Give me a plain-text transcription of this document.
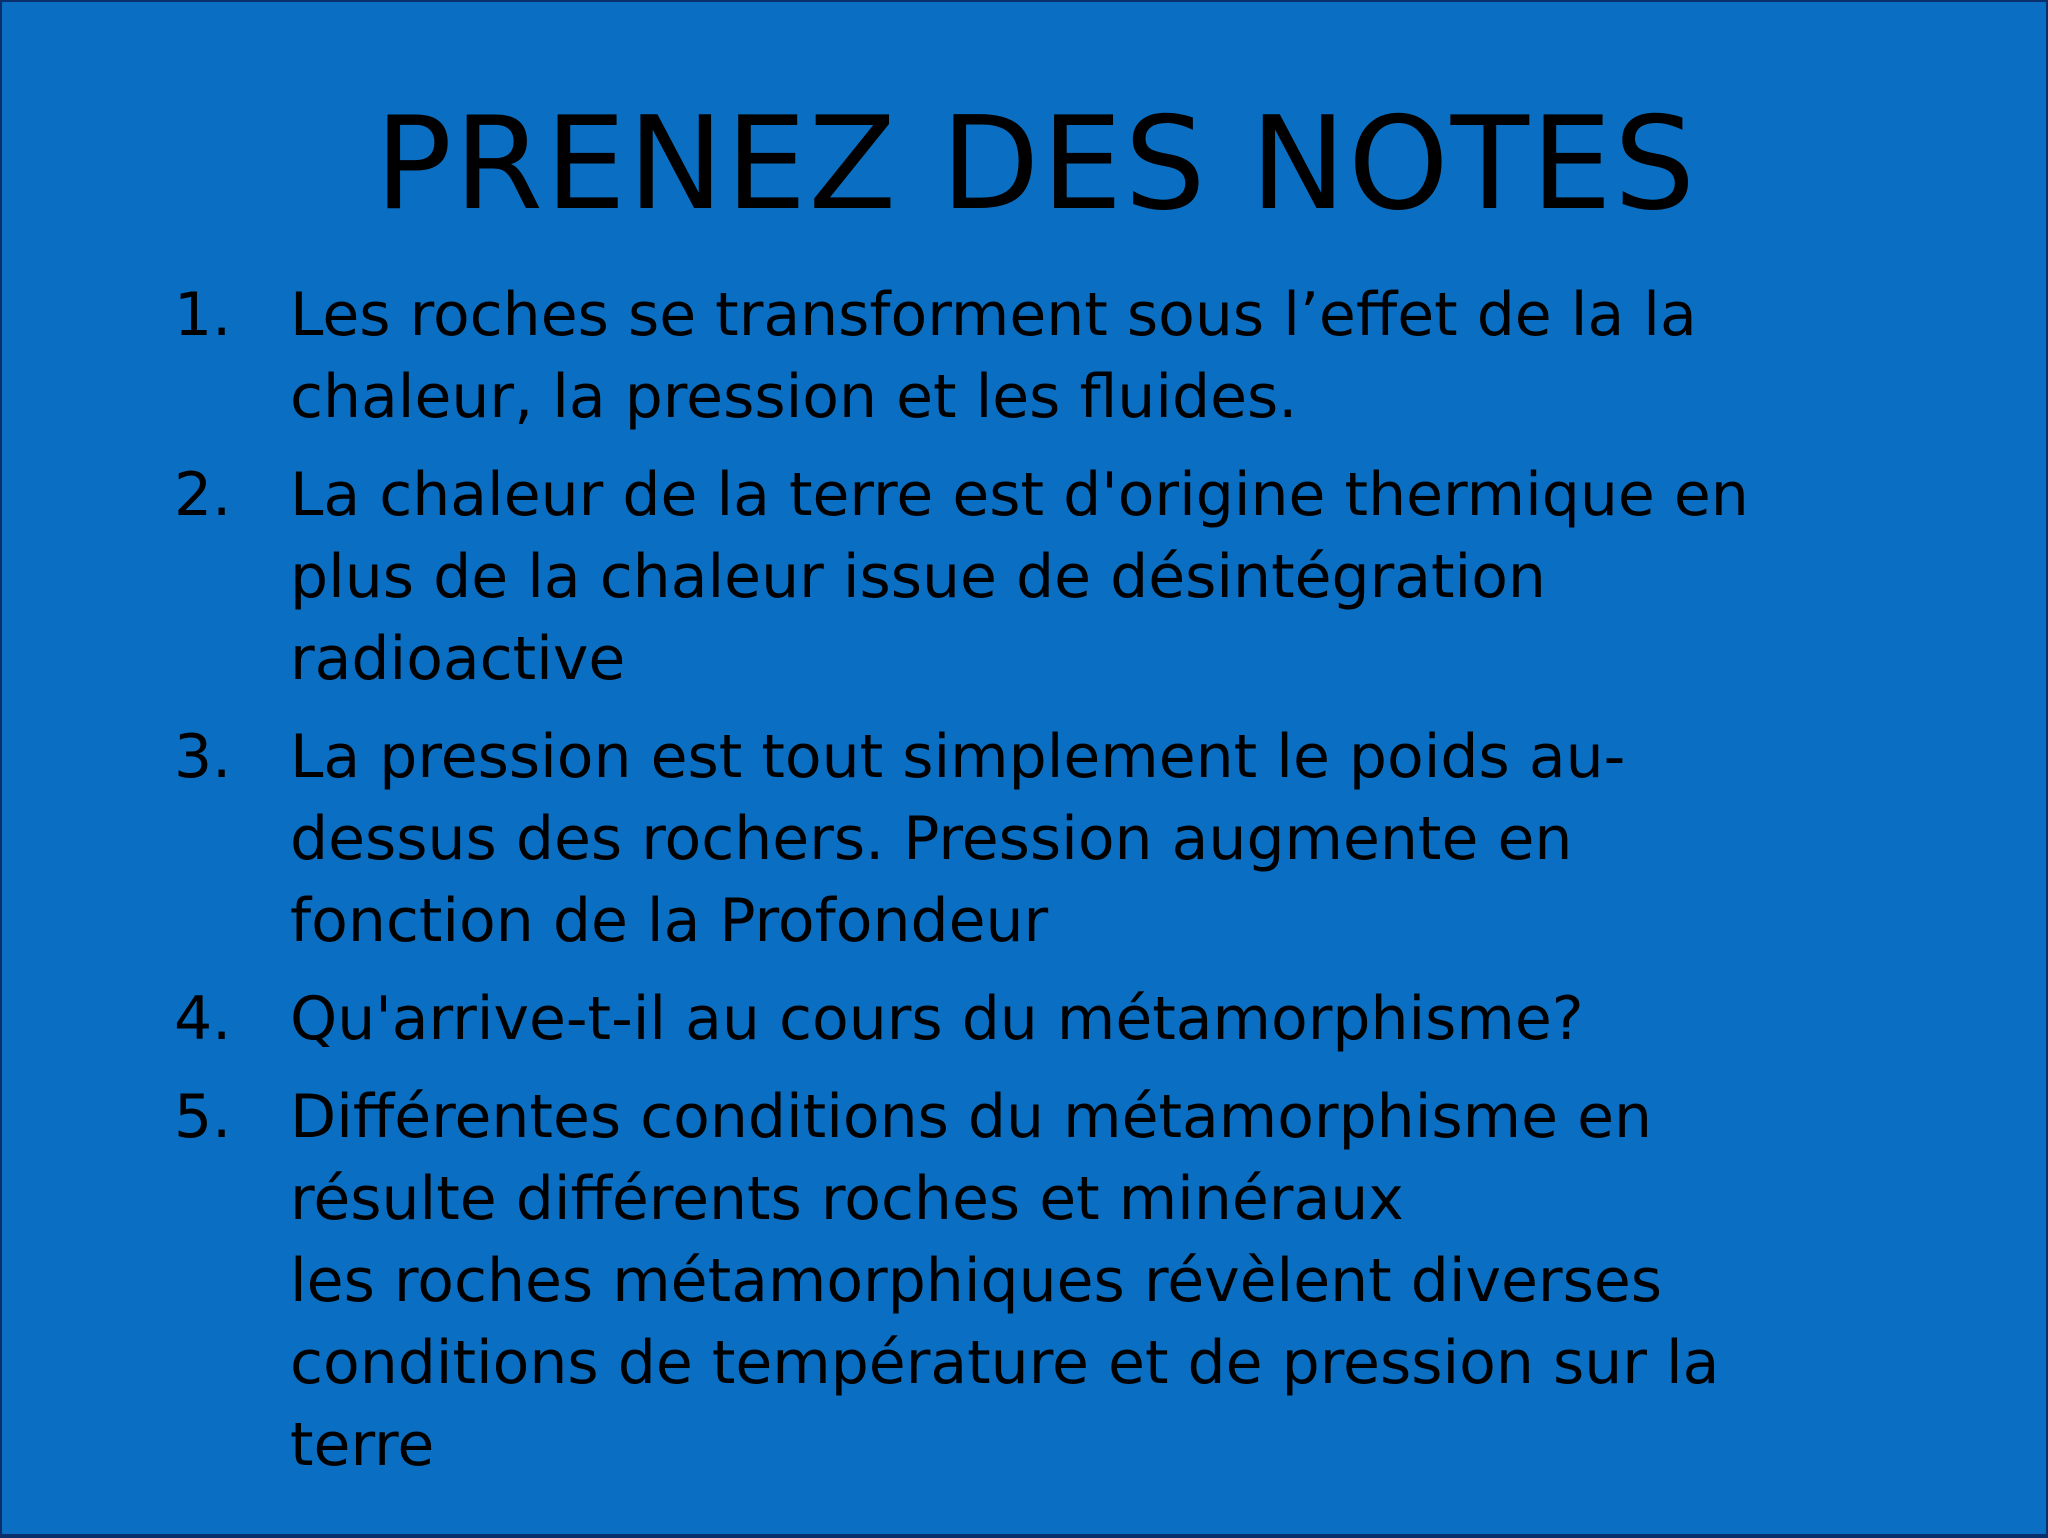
PRENEZ DES NOTES
1. Les roches se transforment sous l’effet de la la
chaleur, la pression et les fluides.
2. La chaleur de la terre est d'origine thermique en
plus de la chaleur issue de désintégration
radioactive
3. La pression est tout simplement le poids au-
dessus des rochers. Pression augmente en
fonction de la Profondeur
4. Qu'arrive-t-il au cours du métamorphisme?
5. Différentes conditions du métamorphisme en
résulte différents roches et minéraux
les roches métamorphiques révèlent diverses
conditions de température et de pression sur la
terre
